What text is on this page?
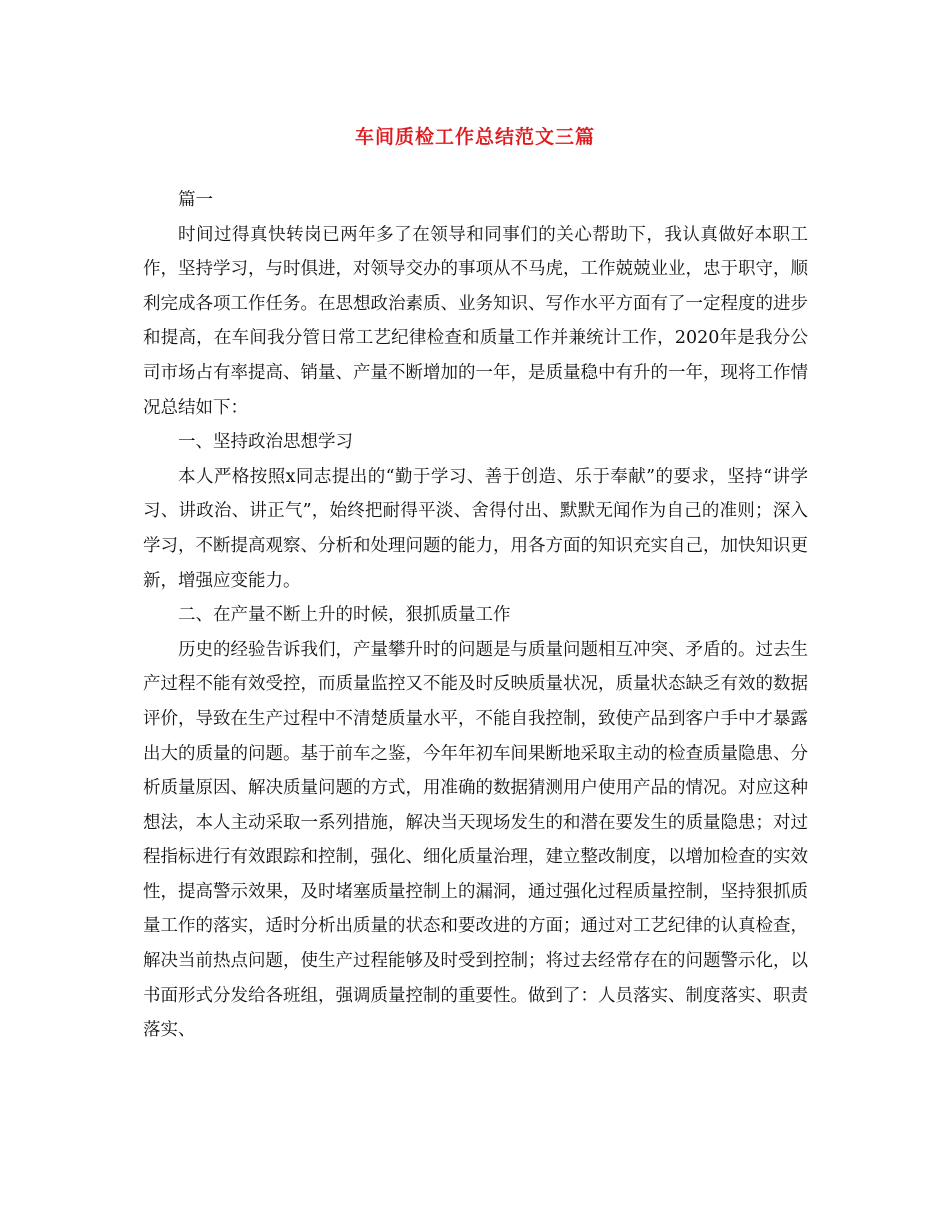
车间质检工作总结范文三篇

篇一

时间过得真快转岗已两年多了在领导和同事们的关心帮助下，我认真做好本职工作，坚持学习，与时俱进，对领导交办的事项从不马虎，工作兢兢业业，忠于职守，顺利完成各项工作任务。在思想政治素质、业务知识、写作水平方面有了一定程度的进步和提高，在车间我分管日常工艺纪律检查和质量工作并兼统计工作，2020年是我分公司市场占有率提高、销量、产量不断增加的一年，是质量稳中有升的一年，现将工作情况总结如下：

一、坚持政治思想学习

本人严格按照x同志提出的“勤于学习、善于创造、乐于奉献”的要求，坚持“讲学习、讲政治、讲正气”，始终把耐得平淡、舍得付出、默默无闻作为自己的准则；深入学习，不断提高观察、分析和处理问题的能力，用各方面的知识充实自己，加快知识更新，增强应变能力。

二、在产量不断上升的时候，狠抓质量工作

历史的经验告诉我们，产量攀升时的问题是与质量问题相互冲突、矛盾的。过去生产过程不能有效受控，而质量监控又不能及时反映质量状况，质量状态缺乏有效的数据评价，导致在生产过程中不清楚质量水平，不能自我控制，致使产品到客户手中才暴露出大的质量的问题。基于前车之鉴，今年年初车间果断地采取主动的检查质量隐患、分析质量原因、解决质量问题的方式，用准确的数据猜测用户使用产品的情况。对应这种想法，本人主动采取一系列措施，解决当天现场发生的和潜在要发生的质量隐患；对过程指标进行有效跟踪和控制，强化、细化质量治理，建立整改制度，以增加检查的实效性，提高警示效果，及时堵塞质量控制上的漏洞，通过强化过程质量控制，坚持狠抓质量工作的落实，适时分析出质量的状态和要改进的方面；通过对工艺纪律的认真检查，解决当前热点问题，使生产过程能够及时受到控制；将过去经常存在的问题警示化，以书面形式分发给各班组，强调质量控制的重要性。做到了：人员落实、制度落实、职责落实、
